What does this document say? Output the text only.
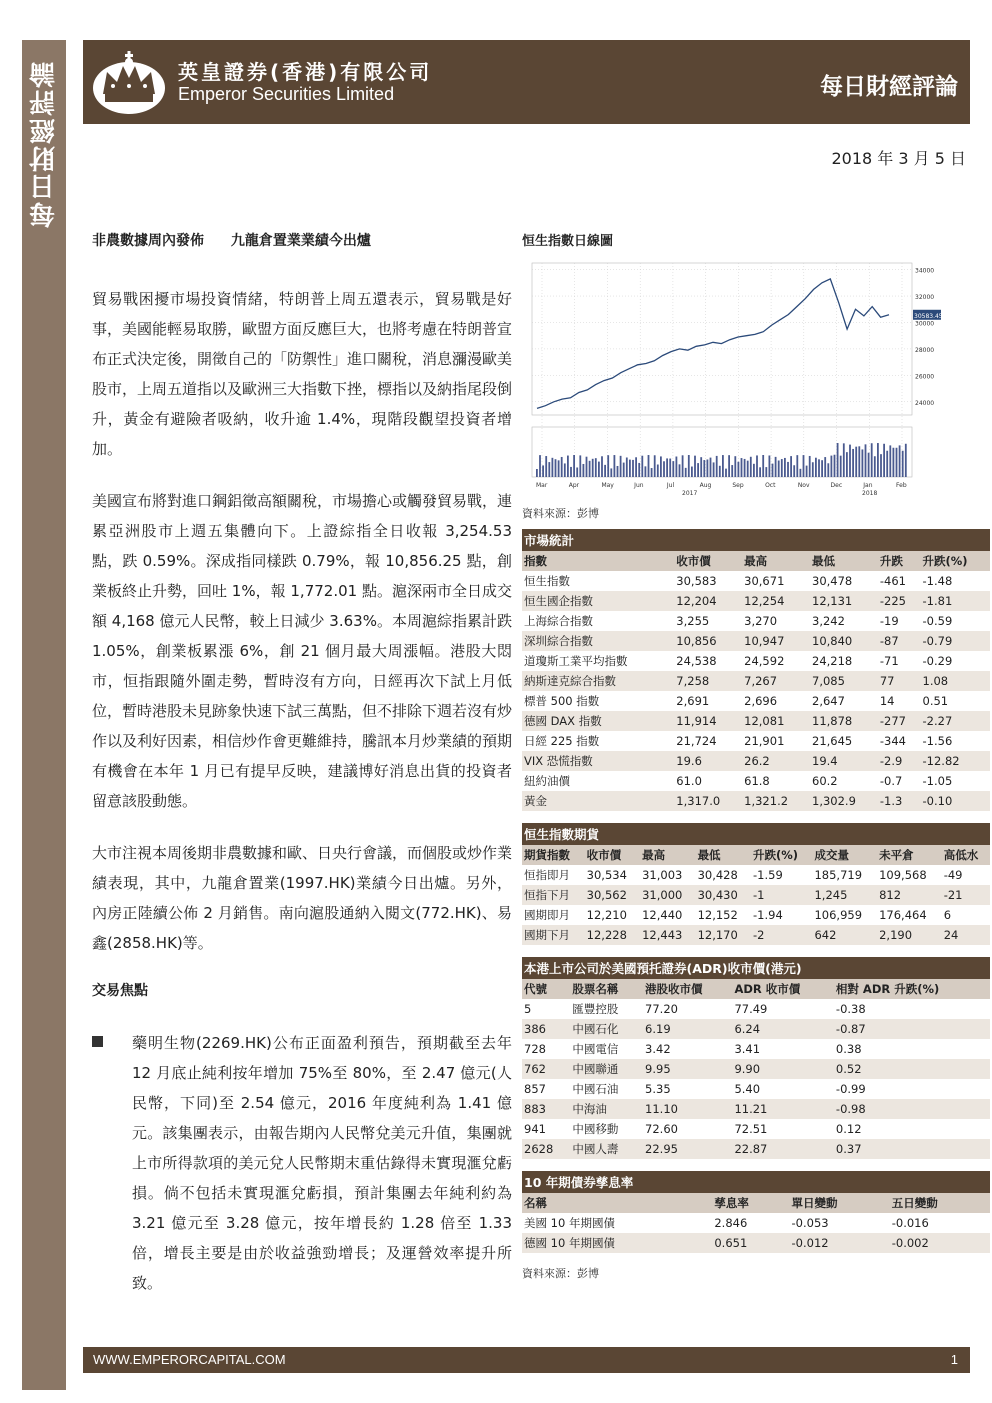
每日財經評論	英皇證券(香港)有限公司
Emperor Securities Limited	每日財經評論
2018 年 3 月 5 日
非農數據周內發佈 九龍倉置業業績今出爐

貿易戰困擾市場投資情緒，特朗普上周五還表示，貿易戰是好事，美國能輕易取勝，歐盟方面反應巨大，也將考慮在特朗普宣布正式決定後，開徵自己的「防禦性」進口關稅，消息瀰漫歐美股市，上周五道指以及歐洲三大指數下挫，標指以及納指尾段倒升，黃金有避險者吸納，收升逾 1.4%，現階段觀望投資者增加。

美國宣布將對進口鋼鋁徵高額關稅，市場擔心或觸發貿易戰，連累亞洲股市上週五集體向下。上證綜指全日收報 3,254.53 點，跌 0.59%。深成指同樣跌 0.79%，報 10,856.25 點，創業板終止升勢，回吐 1%，報 1,772.01 點。滬深兩市全日成交額 4,168 億元人民幣，較上日減少 3.63%。本周滬綜指累計跌 1.05%，創業板累漲 6%，創 21 個月最大周漲幅。港股大悶市，恒指跟隨外圍走勢，暫時沒有方向，日經再次下試上月低位，暫時港股未見跡象快速下試三萬點，但不排除下週若沒有炒作以及利好因素，相信炒作會更難維持，騰訊本月炒業績的預期有機會在本年 1 月已有提早反映，建議博好消息出貨的投資者留意該股動態。

大市注視本周後期非農數據和歐、日央行會議，而個股或炒作業績表現，其中，九龍倉置業(1997.HK)業績今日出爐。另外，內房正陸續公佈 2 月銷售。南向滬股通納入閱文(772.HK)、易鑫(2858.HK)等。

交易焦點
藥明生物(2269.HK)公布正面盈利預告，預期截至去年 12 月底止純利按年增加 75%至 80%，至 2.47 億元(人民幣，下同)至 2.54 億元，2016 年度純利為 1.41 億元。該集團表示，由報告期內人民幣兌美元升值，集團就上市所得款項的美元兌人民幣期末重估錄得未實現滙兌虧損。倘不包括未實現滙兌虧損，預計集團去年純利約為 3.21 億元至 3.28 億元，按年增長約 1.28 倍至 1.33 倍，增長主要是由於收益強勁增長；及運營效率提升所致。
恒生指數日線圖
24000
26000
28000
30000
32000
34000
Mar	Apr	May	Jun	Jul	Aug	Sep	Oct	Nov	Dec	Jan	Feb
2017	2018
30583.45
資料來源：彭博
市場統計					
指數	收市價	最高	最低	升跌	升跌(%)
恒生指數	30,583	30,671	30,478	-461	-1.48
恒生國企指數	12,204	12,254	12,131	-225	-1.81
上海綜合指數	3,255	3,270	3,242	-19	-0.59
深圳綜合指數	10,856	10,947	10,840	-87	-0.79
道瓊斯工業平均指數	24,538	24,592	24,218	-71	-0.29
納斯達克綜合指數	7,258	7,267	7,085	77	1.08
標普 500 指數	2,691	2,696	2,647	14	0.51
德國 DAX 指數	11,914	12,081	11,878	-277	-2.27
日經 225 指數	21,724	21,901	21,645	-344	-1.56
VIX 恐慌指數	19.6	26.2	19.4	-2.9	-12.82
紐約油價	61.0	61.8	60.2	-0.7	-1.05
黃金	1,317.0	1,321.2	1,302.9	-1.3	-0.10
恒生指數期貨							
期貨指數	收市價	最高	最低	升跌(%)	成交量	未平倉	高低水
恒指即月	30,534	31,003	30,428	-1.59	185,719	109,568	-49
恒指下月	30,562	31,000	30,430	-1	1,245	812	-21
國期即月	12,210	12,440	12,152	-1.94	106,959	176,464	6
國期下月	12,228	12,443	12,170	-2	642	2,190	24
本港上市公司於美國預托證券(ADR)收市價(港元)				
代號	股票名稱	港股收市價	ADR 收市價	相對 ADR 升跌(%)
5	匯豐控股	77.20	77.49	-0.38
386	中國石化	6.19	6.24	-0.87
728	中國電信	3.42	3.41	0.38
762	中國聯通	9.95	9.90	0.52
857	中國石油	5.35	5.40	-0.99
883	中海油	11.10	11.21	-0.98
941	中國移動	72.60	72.51	0.12
2628	中國人壽	22.95	22.87	0.37
10 年期債券孳息率			
名稱	孳息率	單日變動	五日變動
美國 10 年期國債	2.846	-0.053	-0.016
德國 10 年期國債	0.651	-0.012	-0.002
資料來源：彭博
WWW.EMPERORCAPITAL.COM	1
